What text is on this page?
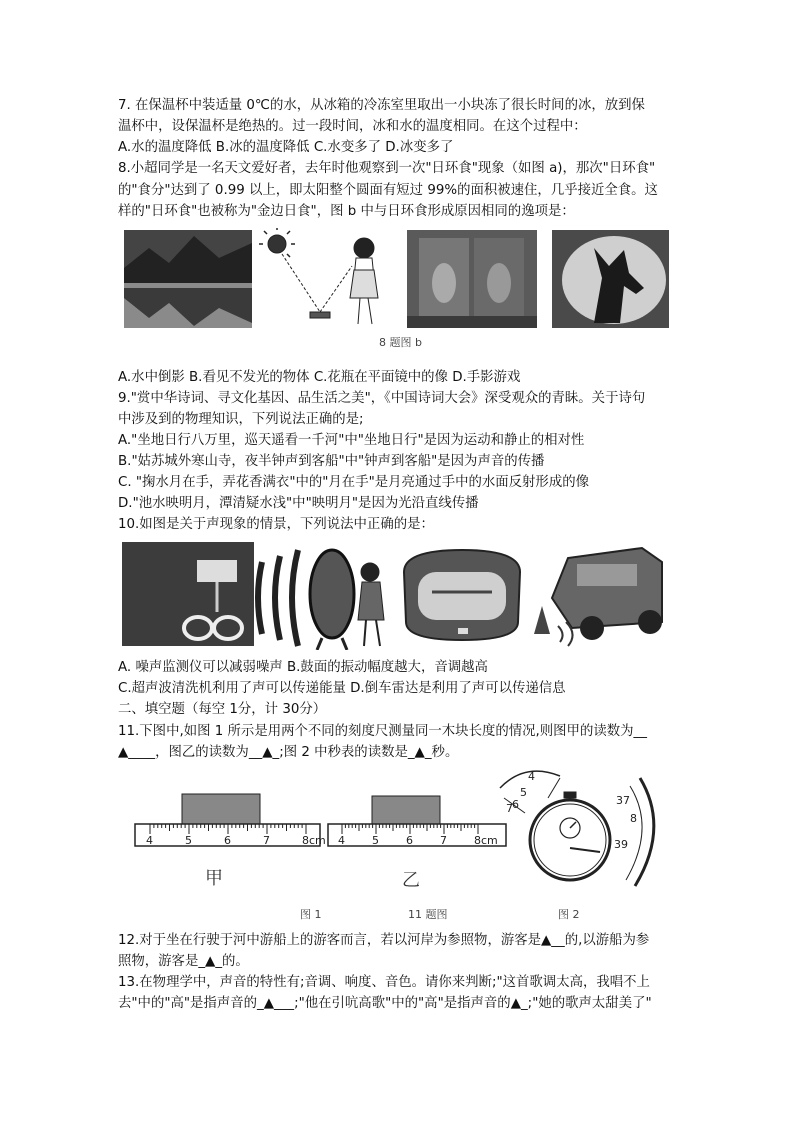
7. 在保温杯中装适量 0℃的水，从冰箱的冷冻室里取出一小块冻了很长时间的冰，放到保
温杯中，设保温杯是绝热的。过一段时间，冰和水的温度相同。在这个过程中：
A.水的温度降低 B.冰的温度降低 C.水变多了 D.冰变多了
8.小超同学是一名天文爱好者，去年时他观察到一次"日环食"现象（如图 a)，那次"日环食"
的"食分"达到了 0.99 以上，即太阳整个圆面有短过 99%的面积被速住，几乎接近全食。这
样的"日环食"也被称为"金边日食"，图 b 中与日环食形成原因相同的逸项是：
8 题图 b
A.水中倒影 B.看见不发光的物体 C.花瓶在平面镜中的像 D.手影游戏
9."赏中华诗词、寻文化基因、品生活之美"，《中国诗词大会》深受观众的青眛。关于诗句
中涉及到的物理知识，下列说法正确的是;
A."坐地日行八万里，巡天遥看一千河"中"坐地日行"是因为运动和静止的相对性
B."姑苏城外寒山寺，夜半钟声到客船"中"钟声到客船"是因为声音的传播
C. "掬水月在手，弄花香满衣"中的"月在手"是月亮通过手中的水面反射形成的像
D."池水映明月，潭清疑水浅"中"映明月"是因为光沿直线传播
10.如图是关于声现象的情景，下列说法中正确的是：
A. 噪声监测仪可以减弱噪声 B.鼓面的振动幅度越大，音调越高
C.超声波清洗机利用了声可以传递能量 D.倒车雷达是利用了声可以传递信息
二、填空题（每空 1分，计 30分）
11.下图中,如图 1 所示是用两个不同的刻度尺测量同一木块长度的情况,则图甲的读数为__
▲____，图乙的读数为__▲_;图 2 中秒表的读数是_▲_秒。
4	5	6	7	8cm 4 5 6 7 8cm
4
5
6
7
37
8
39
甲	乙
图 1	11 题图	图 2
12.对于坐在行驶于河中游船上的游客而言，若以河岸为参照物，游客是▲__的,以游船为参
照物，游客是_▲_的。
13.在物理学中，声音的特性有;音调、响度、音色。请你来判断;"这首歌调太高，我唱不上
去"中的"高"是指声音的_▲___;"他在引吭高歌"中的"高"是指声音的▲_;"她的歌声太甜美了"
